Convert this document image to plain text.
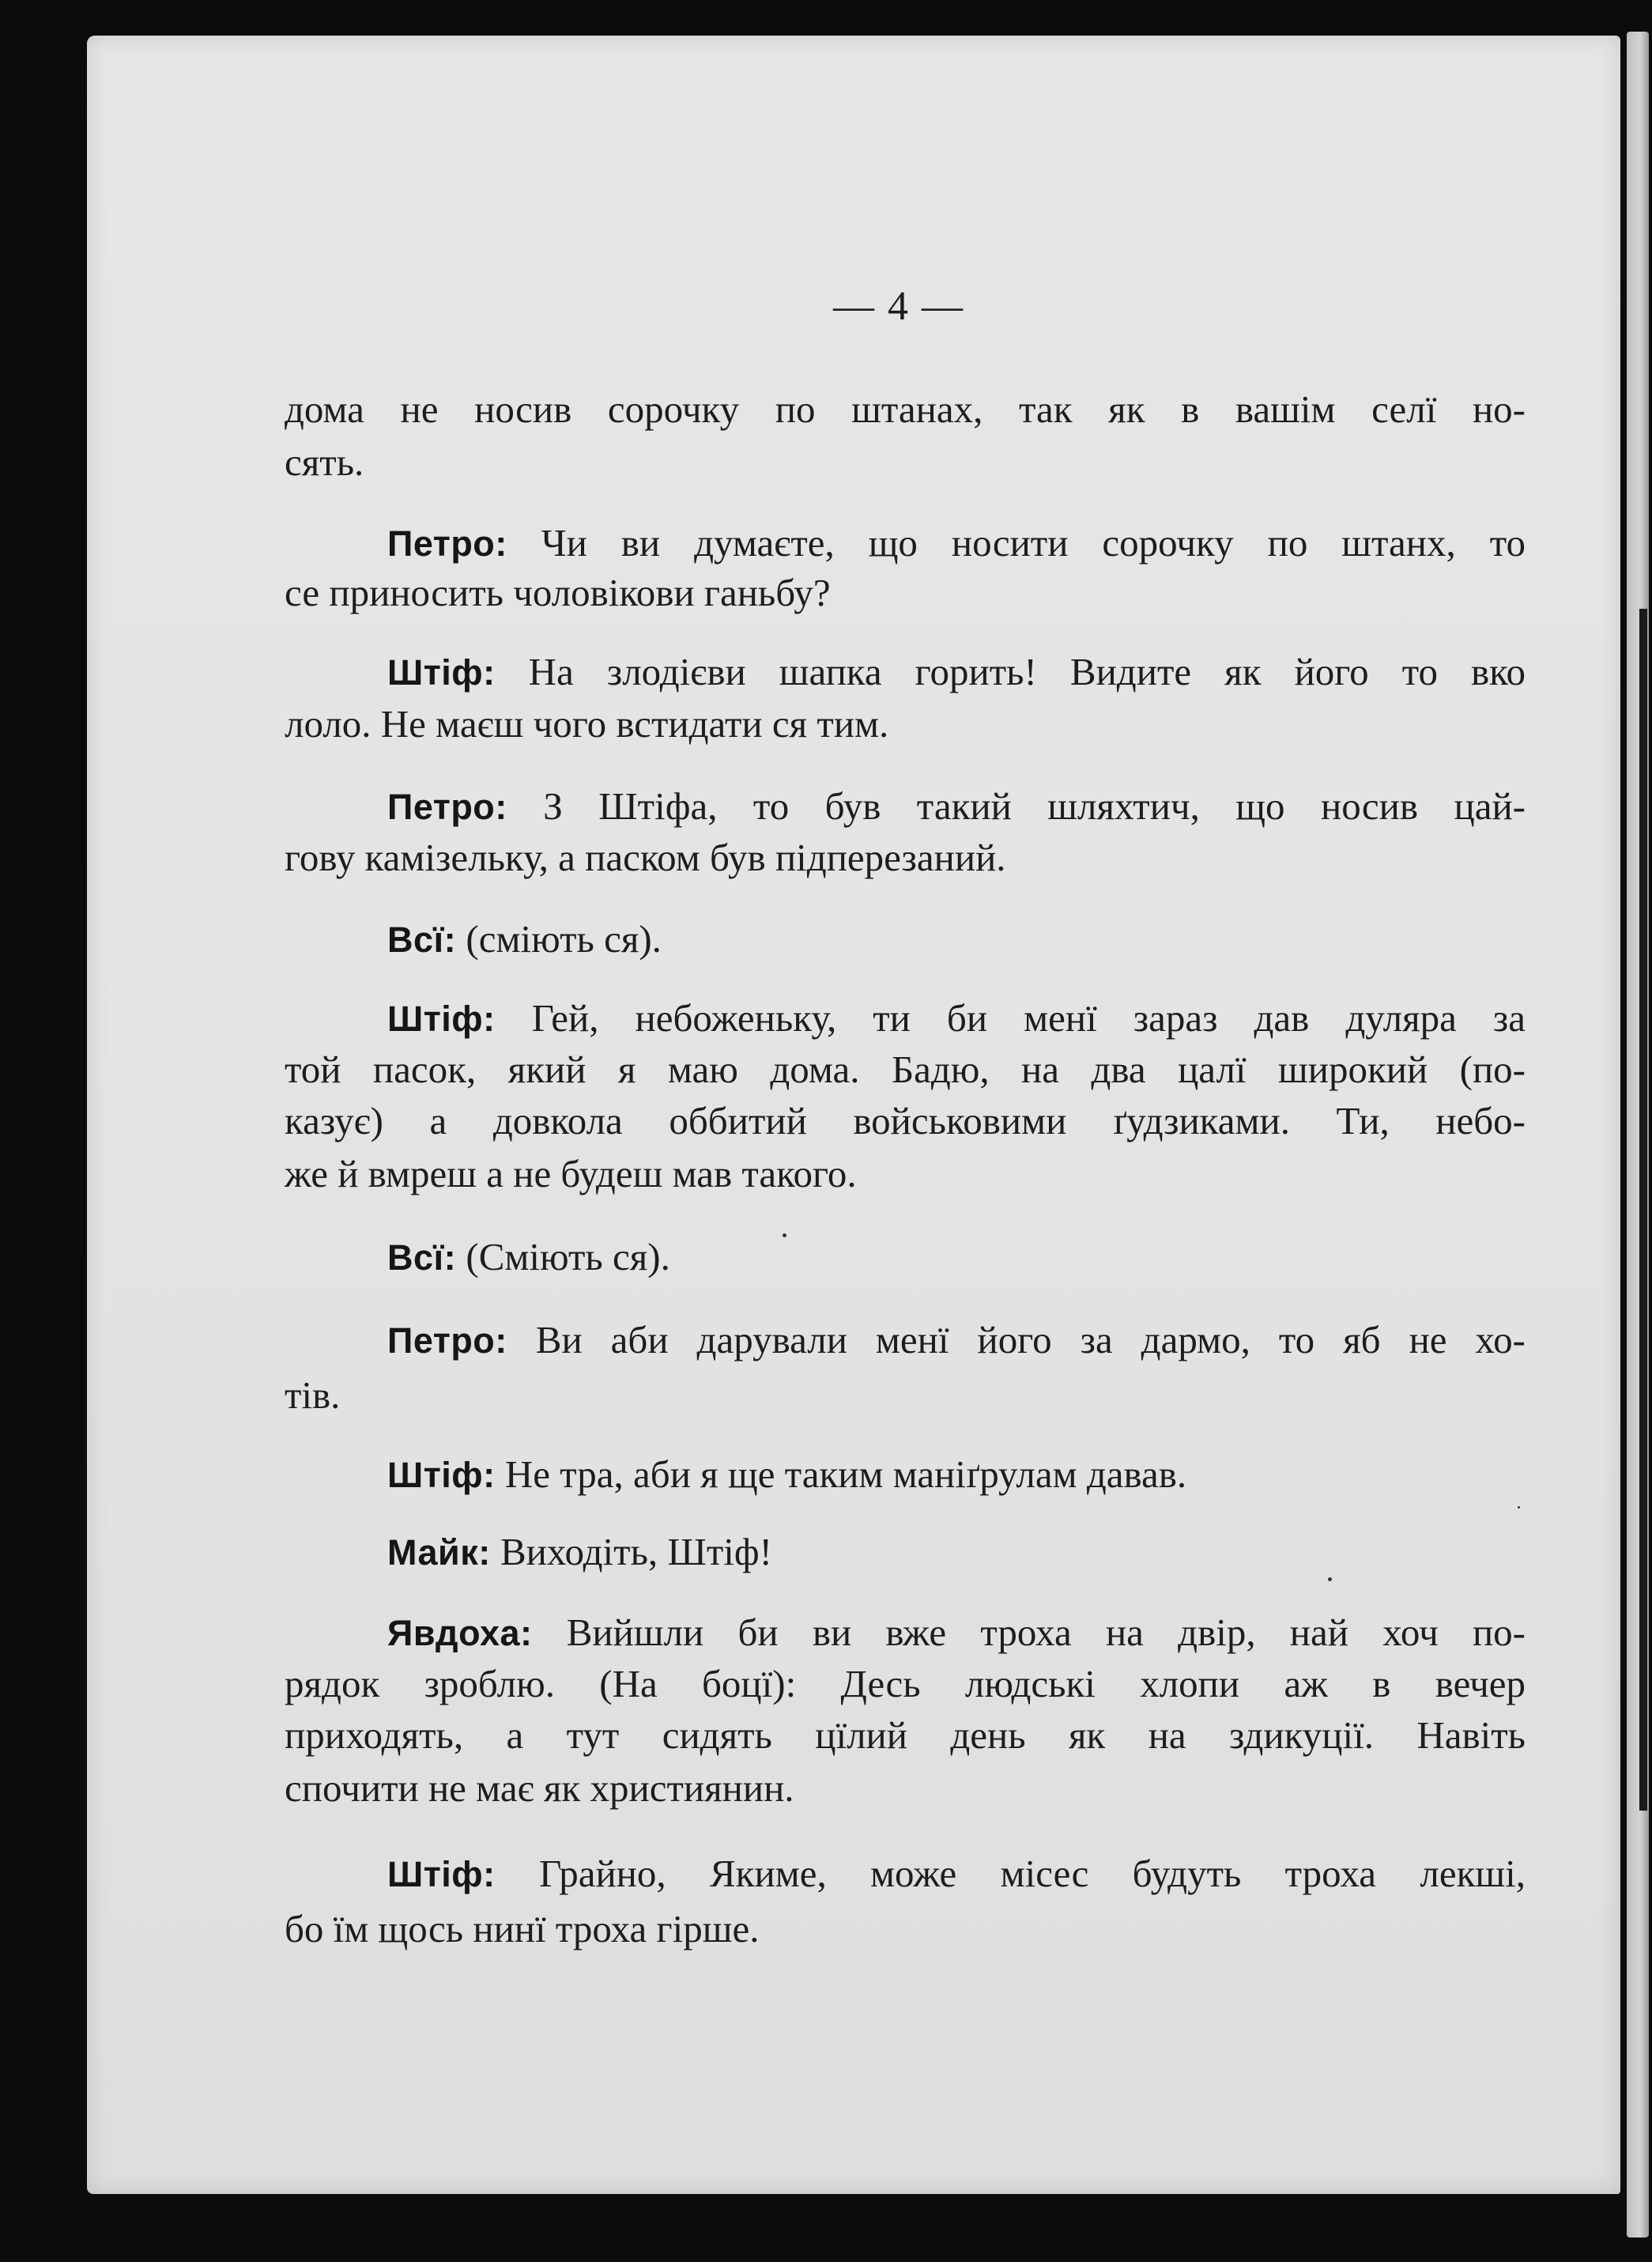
— 4 —
дома не носив сорочку по штанах, так як в вашім селї но-
сять.
Петро: Чи ви думаєте, що носити сорочку по штанх, то
се приносить чоловікови ганьбу?
Штіф: На злодієви шапка горить! Видите як його то вко
лоло. Не маєш чого встидати ся тим.
Петро: З Штіфа, то був такий шляхтич, що носив цай-
гову камізельку, а паском був підперезаний.
Всї: (сміють ся).
Штіф: Гей, небоженьку, ти би менї зараз дав дуляра за
той пасок, який я маю дома. Бадю, на два цалї широкий (по-
казує) а довкола оббитий войськовими ґудзиками. Ти, небо-
же й вмреш а не будеш мав такого.
Всї: (Сміють ся).
Петро: Ви аби дарували менї його за дармо, то яб не хо-
тів.
Штіф: Не тра, аби я ще таким маніґрулам давав.
Майк: Виходіть, Штіф!
Явдоха: Вийшли би ви вже троха на двір, най хоч по-
рядок зроблю. (На боцї): Десь людські хлопи аж в вечер
приходять, а тут сидять цїлий день як на здикуції. Навіть
спочити не має як християнин.
Штіф: Грайно, Якиме, може місес будуть троха лекші,
бо їм щось нинї троха гірше.
